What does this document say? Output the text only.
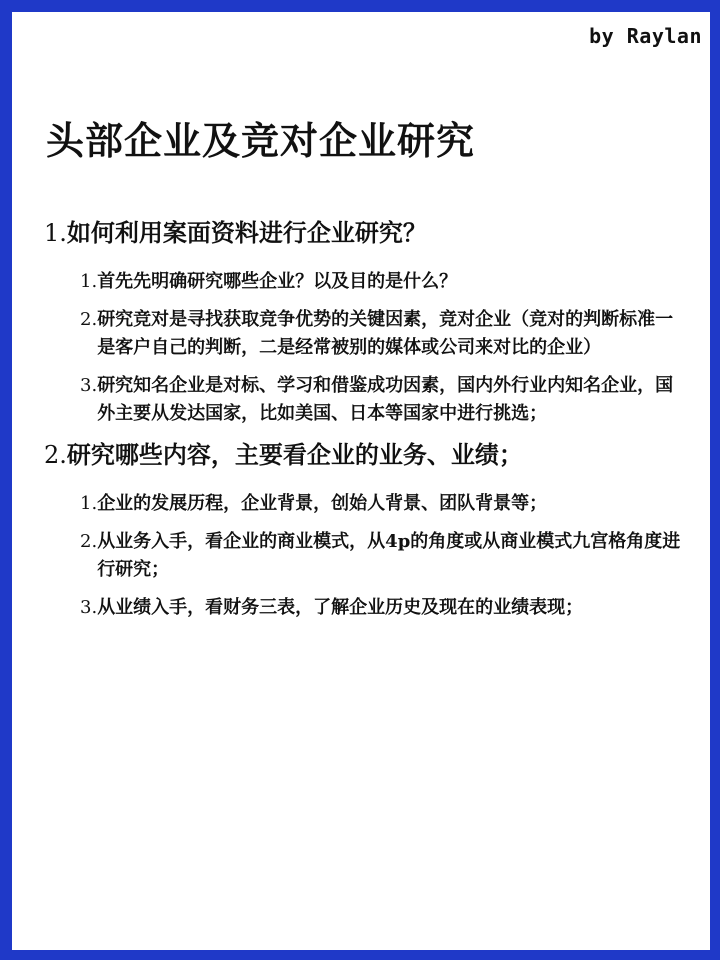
by Raylan
头部企业及竞对企业研究
1.如何利用案面资料进行企业研究？
1. 首先先明确研究哪些企业？以及目的是什么？
2. 研究竞对是寻找获取竞争优势的关键因素，竞对企业（竞对的判断标准一是客户自己的判断，二是经常被别的媒体或公司来对比的企业）
3. 研究知名企业是对标、学习和借鉴成功因素，国内外行业内知名企业，国外主要从发达国家，比如美国、日本等国家中进行挑选；
2.研究哪些内容，主要看企业的业务、业绩；
1. 企业的发展历程，企业背景，创始人背景、团队背景等；
2. 从业务入手，看企业的商业模式，从4p的角度或从商业模式九宫格角度进行研究；
3. 从业绩入手，看财务三表，了解企业历史及现在的业绩表现；
